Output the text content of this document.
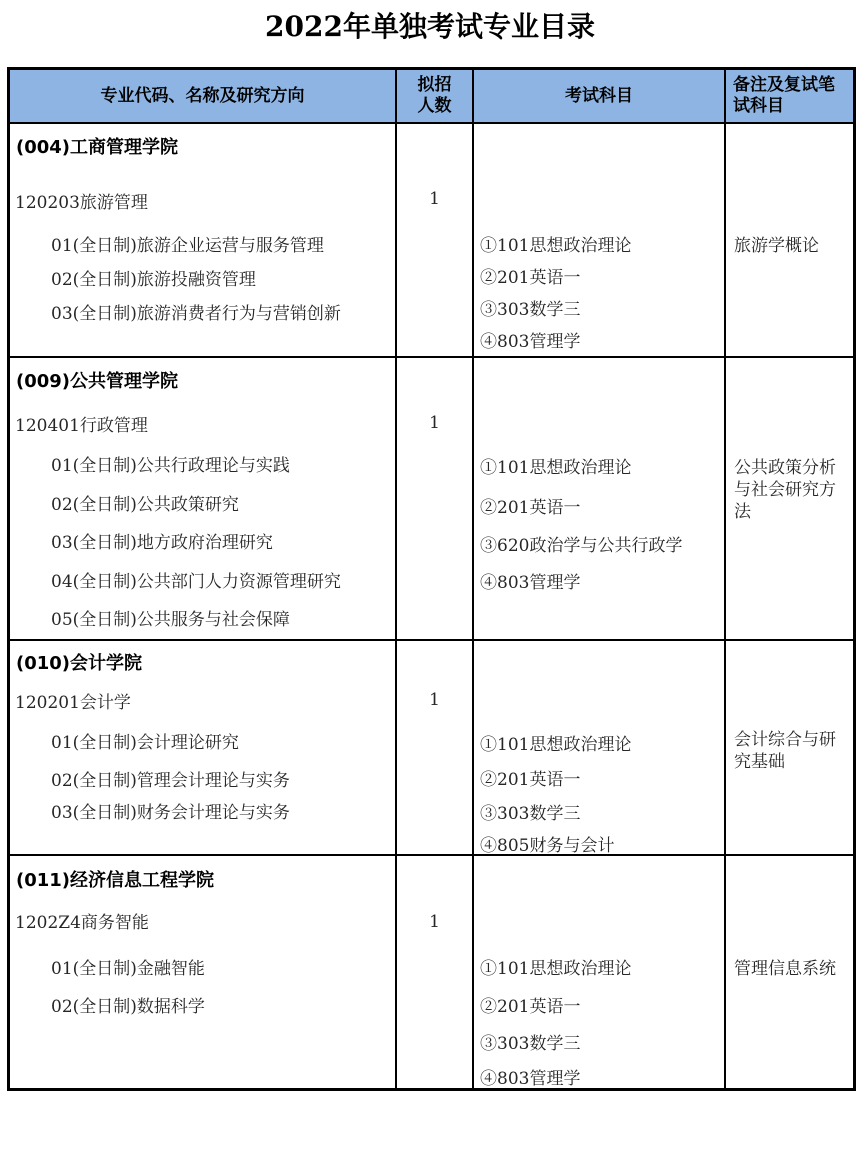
2022年单独考试专业目录
专业代码、名称及研究方向
拟招人数
考试科目
备注及复试笔试科目
(004)工商管理学院
120203旅游管理
01(全日制)旅游企业运营与服务管理
02(全日制)旅游投融资管理
03(全日制)旅游消费者行为与营销创新
1
①101思想政治理论
②201英语一
③303数学三
④803管理学
旅游学概论
(009)公共管理学院
120401行政管理
01(全日制)公共行政理论与实践
02(全日制)公共政策研究
03(全日制)地方政府治理研究
04(全日制)公共部门人力资源管理研究
05(全日制)公共服务与社会保障
1
①101思想政治理论
②201英语一
③620政治学与公共行政学
④803管理学
公共政策分析与社会研究方法
(010)会计学院
120201会计学
01(全日制)会计理论研究
02(全日制)管理会计理论与实务
03(全日制)财务会计理论与实务
1
①101思想政治理论
②201英语一
③303数学三
④805财务与会计
会计综合与研究基础
(011)经济信息工程学院
1202Z4商务智能
01(全日制)金融智能
02(全日制)数据科学
1
①101思想政治理论
②201英语一
③303数学三
④803管理学
管理信息系统
